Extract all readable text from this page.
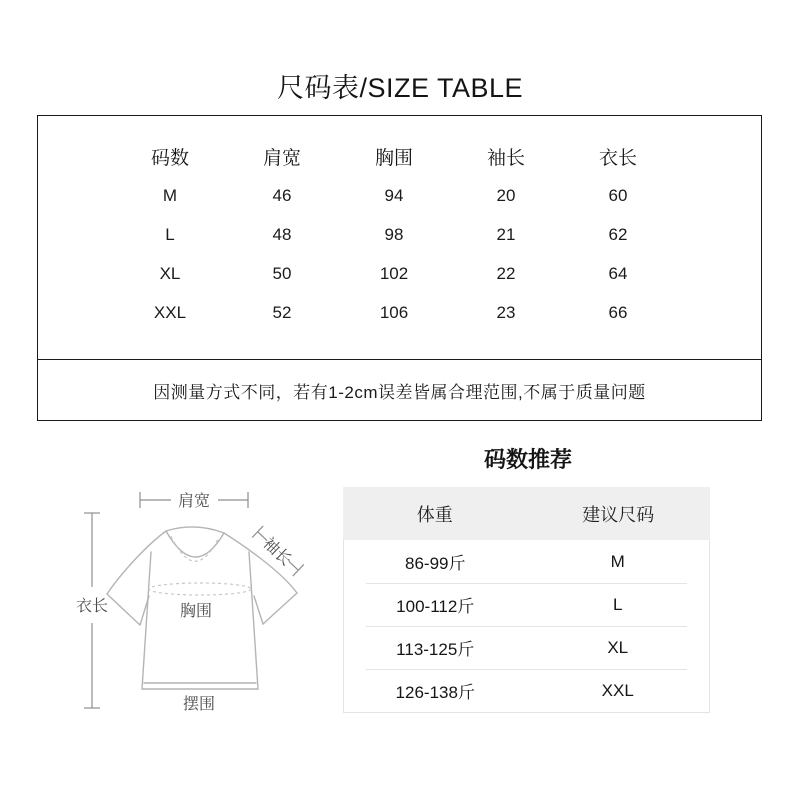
尺码表/SIZE TABLE
码数	肩宽	胸围	袖长	衣长
M	46	94	20	60
L	48	98	21	62
XL	50	102	22	64
XXL	52	106	23	66
因测量方式不同，若有1-2cm误差皆属合理范围,不属于质量问题
码数推荐
体重	建议尺码
86-99斤	M
100-112斤	L
113-125斤	XL
126-138斤	XXL
肩宽
衣长
袖长
胸围
摆围
